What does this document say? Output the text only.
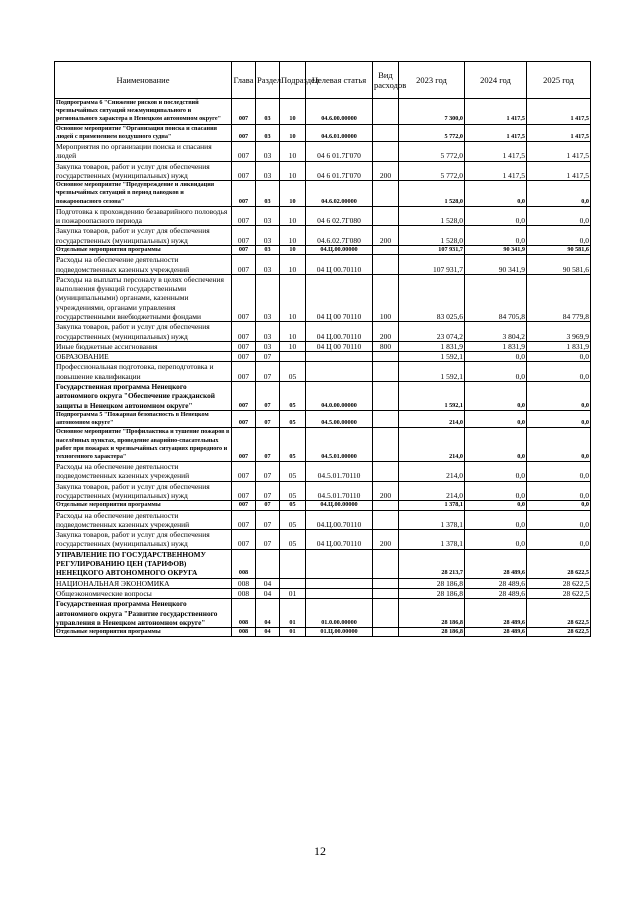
Наименование	Глава	Раздел	Подраздел	Целевая статья	Вид расходов	2023 год	2024 год	2025 год
Подпрограмма 6 "Снижение рисков и последствий чрезвычайных ситуаций межмуниципального и регионального характера в Ненецком автономном округе"	007	03	10	04.6.00.00000		7 300,0	1 417,5	1 417,5
Основное мероприятие "Организация поиска и спасания людей с применением воздушного судна"	007	03	10	04.6.01.00000		5 772,0	1 417,5	1 417,5
Мероприятия по организации поиска и спасания людей	007	03	10	04 6 01.7Г070		5 772,0	1 417,5	1 417,5
Закупка товаров, работ и услуг для обеспечения государственных (муниципальных) нужд	007	03	10	04 6 01.7Г070	200	5 772,0	1 417,5	1 417,5
Основное мероприятие "Предупреждение и ликвидация чрезвычайных ситуаций в период паводков и пожароопасного сезона"	007	03	10	04.6.02.00000		1 528,0	0,0	0,0
Подготовка к прохождению безаварийного половодья и пожароопасного периода	007	03	10	04 6 02.7Г080		1 528,0	0,0	0,0
Закупка товаров, работ и услуг для обеспечения государственных (муниципальных) нужд	007	03	10	04.6.02.7Г080	200	1 528,0	0,0	0,0
Отдельные мероприятия программы	007	03	10	04.Ц.00.00000		107 931,7	90 341,9	90 581,6
Расходы на обеспечение деятельности подведомственных казенных учреждений	007	03	10	04 Ц 00.70110		107 931,7	90 341,9	90 581,6
Расходы на выплаты персоналу в целях обеспечения выполнения функций государственными (муниципальными) органами, казенными учреждениями, органами управления государственными внебюджетными фондами	007	03	10	04 Ц 00 70110	100	83 025,6	84 705,8	84 779,8
Закупка товаров, работ и услуг для обеспечения государственных (муниципальных) нужд	007	03	10	04 Ц.00.70110	200	23 074,2	3 804,2	3 969,9
Иные бюджетные ассигнования	007	03	10	04 Ц 00 70110	800	1 831,9	1 831,9	1 831,9
ОБРАЗОВАНИЕ	007	07				1 592,1	0,0	0,0
Профессиональная подготовка, переподготовка и повышение квалификации	007	07	05			1 592,1	0,0	0,0
Государственная программа Ненецкого автономного округа "Обеспечение гражданской защиты в Ненецком автономном округе"	007	07	05	04.0.00.00000		1 592,1	0,0	0,0
Подпрограмма 5 "Пожарная безопасность в Ненецком автономном округе"	007	07	05	04.5.00.00000		214,0	0,0	0,0
Основное мероприятие "Профилактика и тушение пожаров в населённых пунктах, проведение аварийно-спасательных работ при пожарах и чрезвычайных ситуациях природного и техногенного характера"	007	07	05	04.5.01.00000		214,0	0,0	0,0
Расходы на обеспечение деятельности подведомственных казенных учреждений	007	07	05	04.5.01.70110		214,0	0,0	0,0
Закупка товаров, работ и услуг для обеспечения государственных (муниципальных) нужд	007	07	05	04.5.01.70110	200	214,0	0,0	0,0
Отдельные мероприятия программы	007	07	05	04.Ц.00.00000		1 378,1	0,0	0,0
Расходы на обеспечение деятельности подведомственных казенных учреждений	007	07	05	04.Ц.00.70110		1 378,1	0,0	0,0
Закупка товаров, работ и услуг для обеспечения государственных (муниципальных) нужд	007	07	05	04 Ц.00.70110	200	1 378,1	0,0	0,0
УПРАВЛЕНИЕ ПО ГОСУДАРСТВЕННОМУ РЕГУЛИРОВАНИЮ ЦЕН (ТАРИФОВ) НЕНЕЦКОГО АВТОНОМНОГО ОКРУГА	008					28 213,7	28 489,6	28 622,5
НАЦИОНАЛЬНАЯ ЭКОНОМИКА	008	04				28 186,8	28 489,6	28 622,5
Общеэкономические вопросы	008	04	01			28 186,8	28 489,6	28 622,5
Государственная программа Ненецкого автономного округа "Развитие государственного управления в Ненецком автономном округе"	008	04	01	01.0.00.00000		28 186,8	28 489,6	28 622,5
Отдельные мероприятия программы	008	04	01	01.Ц.00.00000		28 186,8	28 489,6	28 622,5
12
